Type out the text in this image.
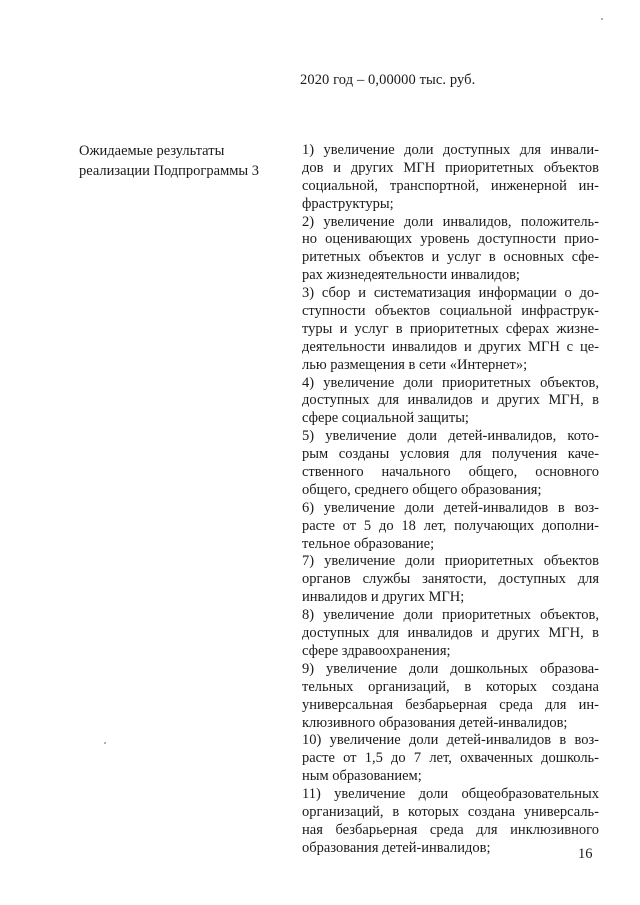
2020 год – 0,00000 тыс. руб.
Ожидаемые результаты
реализации Подпрограммы 3
1) увеличение доли доступных для инвали-
дов и других МГН приоритетных объектов
социальной, транспортной, инженерной ин-
фраструктуры;
2) увеличение доли инвалидов, положитель-
но оценивающих уровень доступности прио-
ритетных объектов и услуг в основных сфе-
рах жизнедеятельности инвалидов;
3) сбор и систематизация информации о до-
ступности объектов социальной инфраструк-
туры и услуг в приоритетных сферах жизне-
деятельности инвалидов и других МГН с це-
лью размещения в сети «Интернет»;
4) увеличение доли приоритетных объектов,
доступных для инвалидов и других МГН, в
сфере социальной защиты;
5) увеличение доли детей-инвалидов, кото-
рым созданы условия для получения каче-
ственного начального общего, основного
общего, среднего общего образования;
6) увеличение доли детей-инвалидов в воз-
расте от 5 до 18 лет, получающих дополни-
тельное образование;
7) увеличение доли приоритетных объектов
органов службы занятости, доступных для
инвалидов и других МГН;
8) увеличение доли приоритетных объектов,
доступных для инвалидов и других МГН, в
сфере здравоохранения;
9) увеличение доли дошкольных образова-
тельных организаций, в которых создана
универсальная безбарьерная среда для ин-
клюзивного образования детей-инвалидов;
10) увеличение доли детей-инвалидов в воз-
расте от 1,5 до 7 лет, охваченных дошколь-
ным образованием;
11) увеличение доли общеобразовательных
организаций, в которых создана универсаль-
ная безбарьерная среда для инклюзивного
образования детей-инвалидов;	16
